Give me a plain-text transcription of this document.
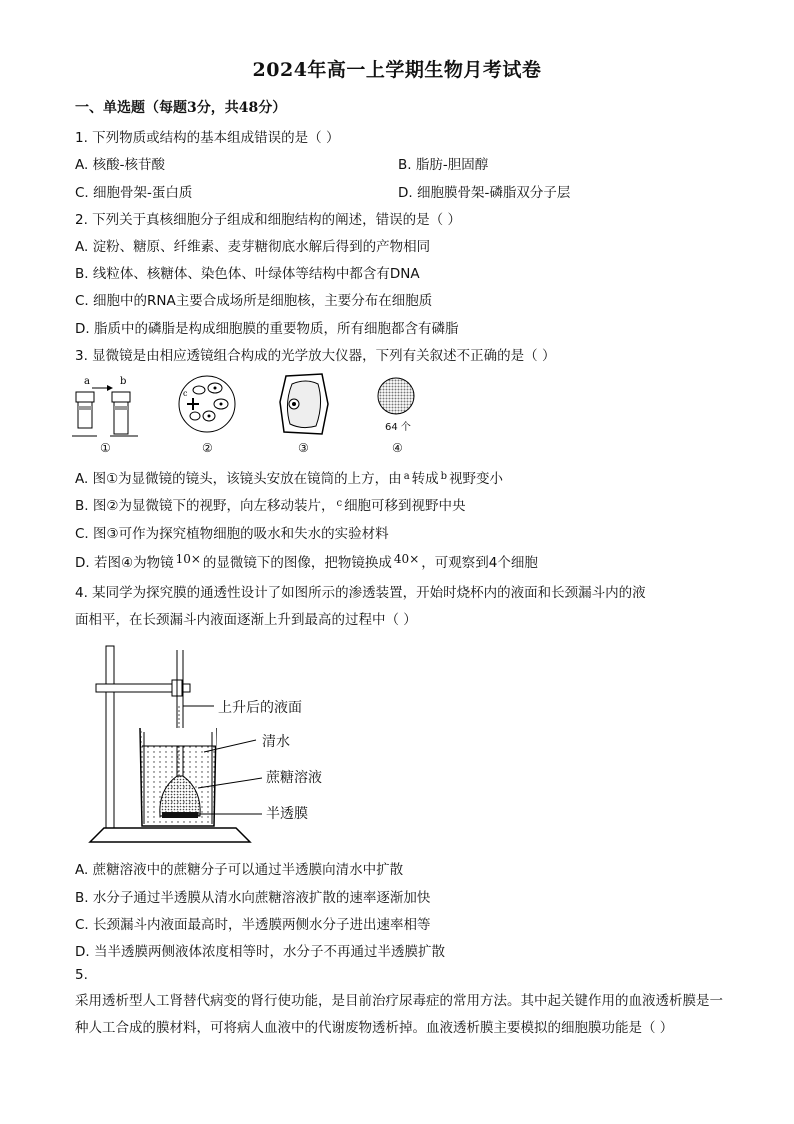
2024年高一上学期生物月考试卷
一、单选题（每题3分，共48分）
1. 下列物质或结构的基本组成错误的是（ ）
A. 核酸-核苷酸	B. 脂肪-胆固醇
C. 细胞骨架-蛋白质	D. 细胞膜骨架-磷脂双分子层
2. 下列关于真核细胞分子组成和细胞结构的阐述，错误的是（ ）
A. 淀粉、糖原、纤维素、麦芽糖彻底水解后得到的产物相同
B. 线粒体、核糖体、染色体、叶绿体等结构中都含有DNA
C. 细胞中的RNA主要合成场所是细胞核，主要分布在细胞质
D. 脂质中的磷脂是构成细胞膜的重要物质，所有细胞都含有磷脂
3. 显微镜是由相应透镜组合构成的光学放大仪器，下列有关叙述不正确的是（ ）
a	b
①
c
②	③
64 个
④
A. 图①为显微镜的镜头，该镜头安放在镜筒的上方，由 $^a$ 转成 $^b$ 视野变小
B. 图②为显微镜下的视野，向左移动装片， $^c$ 细胞可移到视野中央
C. 图③可作为探究植物细胞的吸水和失水的实验材料
D. 若图④为物镜 10× 的显微镜下的图像，把物镜换成 40× ，可观察到4个细胞
4. 某同学为探究膜的通透性设计了如图所示的渗透装置，开始时烧杯内的液面和长颈漏斗内的液
面相平，在长颈漏斗内液面逐渐上升到最高的过程中（ ）
上升后的液面
清水
蔗糖溶液
半透膜
A. 蔗糖溶液中的蔗糖分子可以通过半透膜向清水中扩散
B. 水分子通过半透膜从清水向蔗糖溶液扩散的速率逐渐加快
C. 长颈漏斗内液面最高时，半透膜两侧水分子进出速率相等
D. 当半透膜两侧液体浓度相等时，水分子不再通过半透膜扩散
5.
采用透析型人工肾替代病变的肾行使功能，是目前治疗尿毒症的常用方法。其中起关键作用的血液透析膜是一种人工合成的膜材料，可将病人血液中的代谢废物透析掉。血液透析膜主要模拟的细胞膜功能是（ ）
